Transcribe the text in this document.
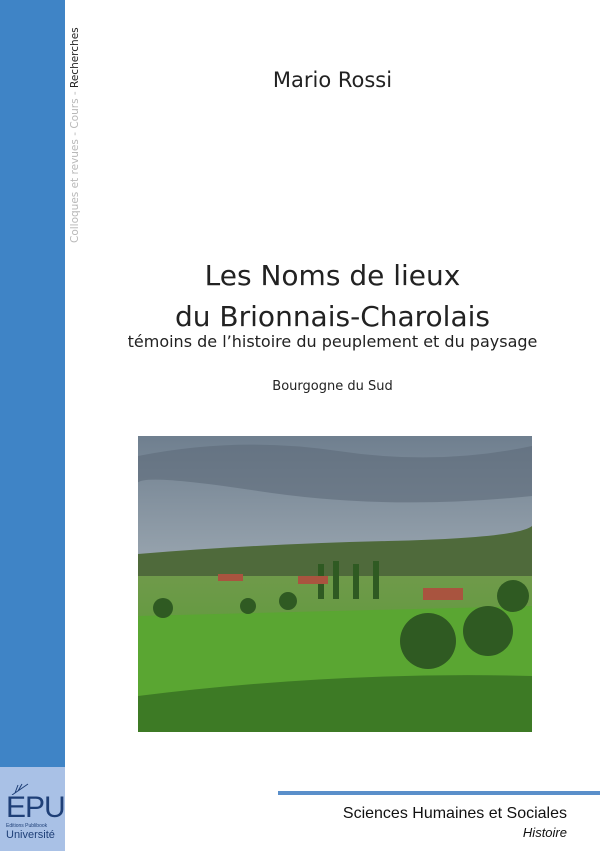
Colloques et revues - Cours - Recherches	Mario Rossi
Les Noms de lieux
du Brionnais-Charolais
témoins de l’histoire du peuplement et du paysage
Bourgogne du Sud
EPU
Editions Publibook
Université
Sciences Humaines et Sociales
Histoire
